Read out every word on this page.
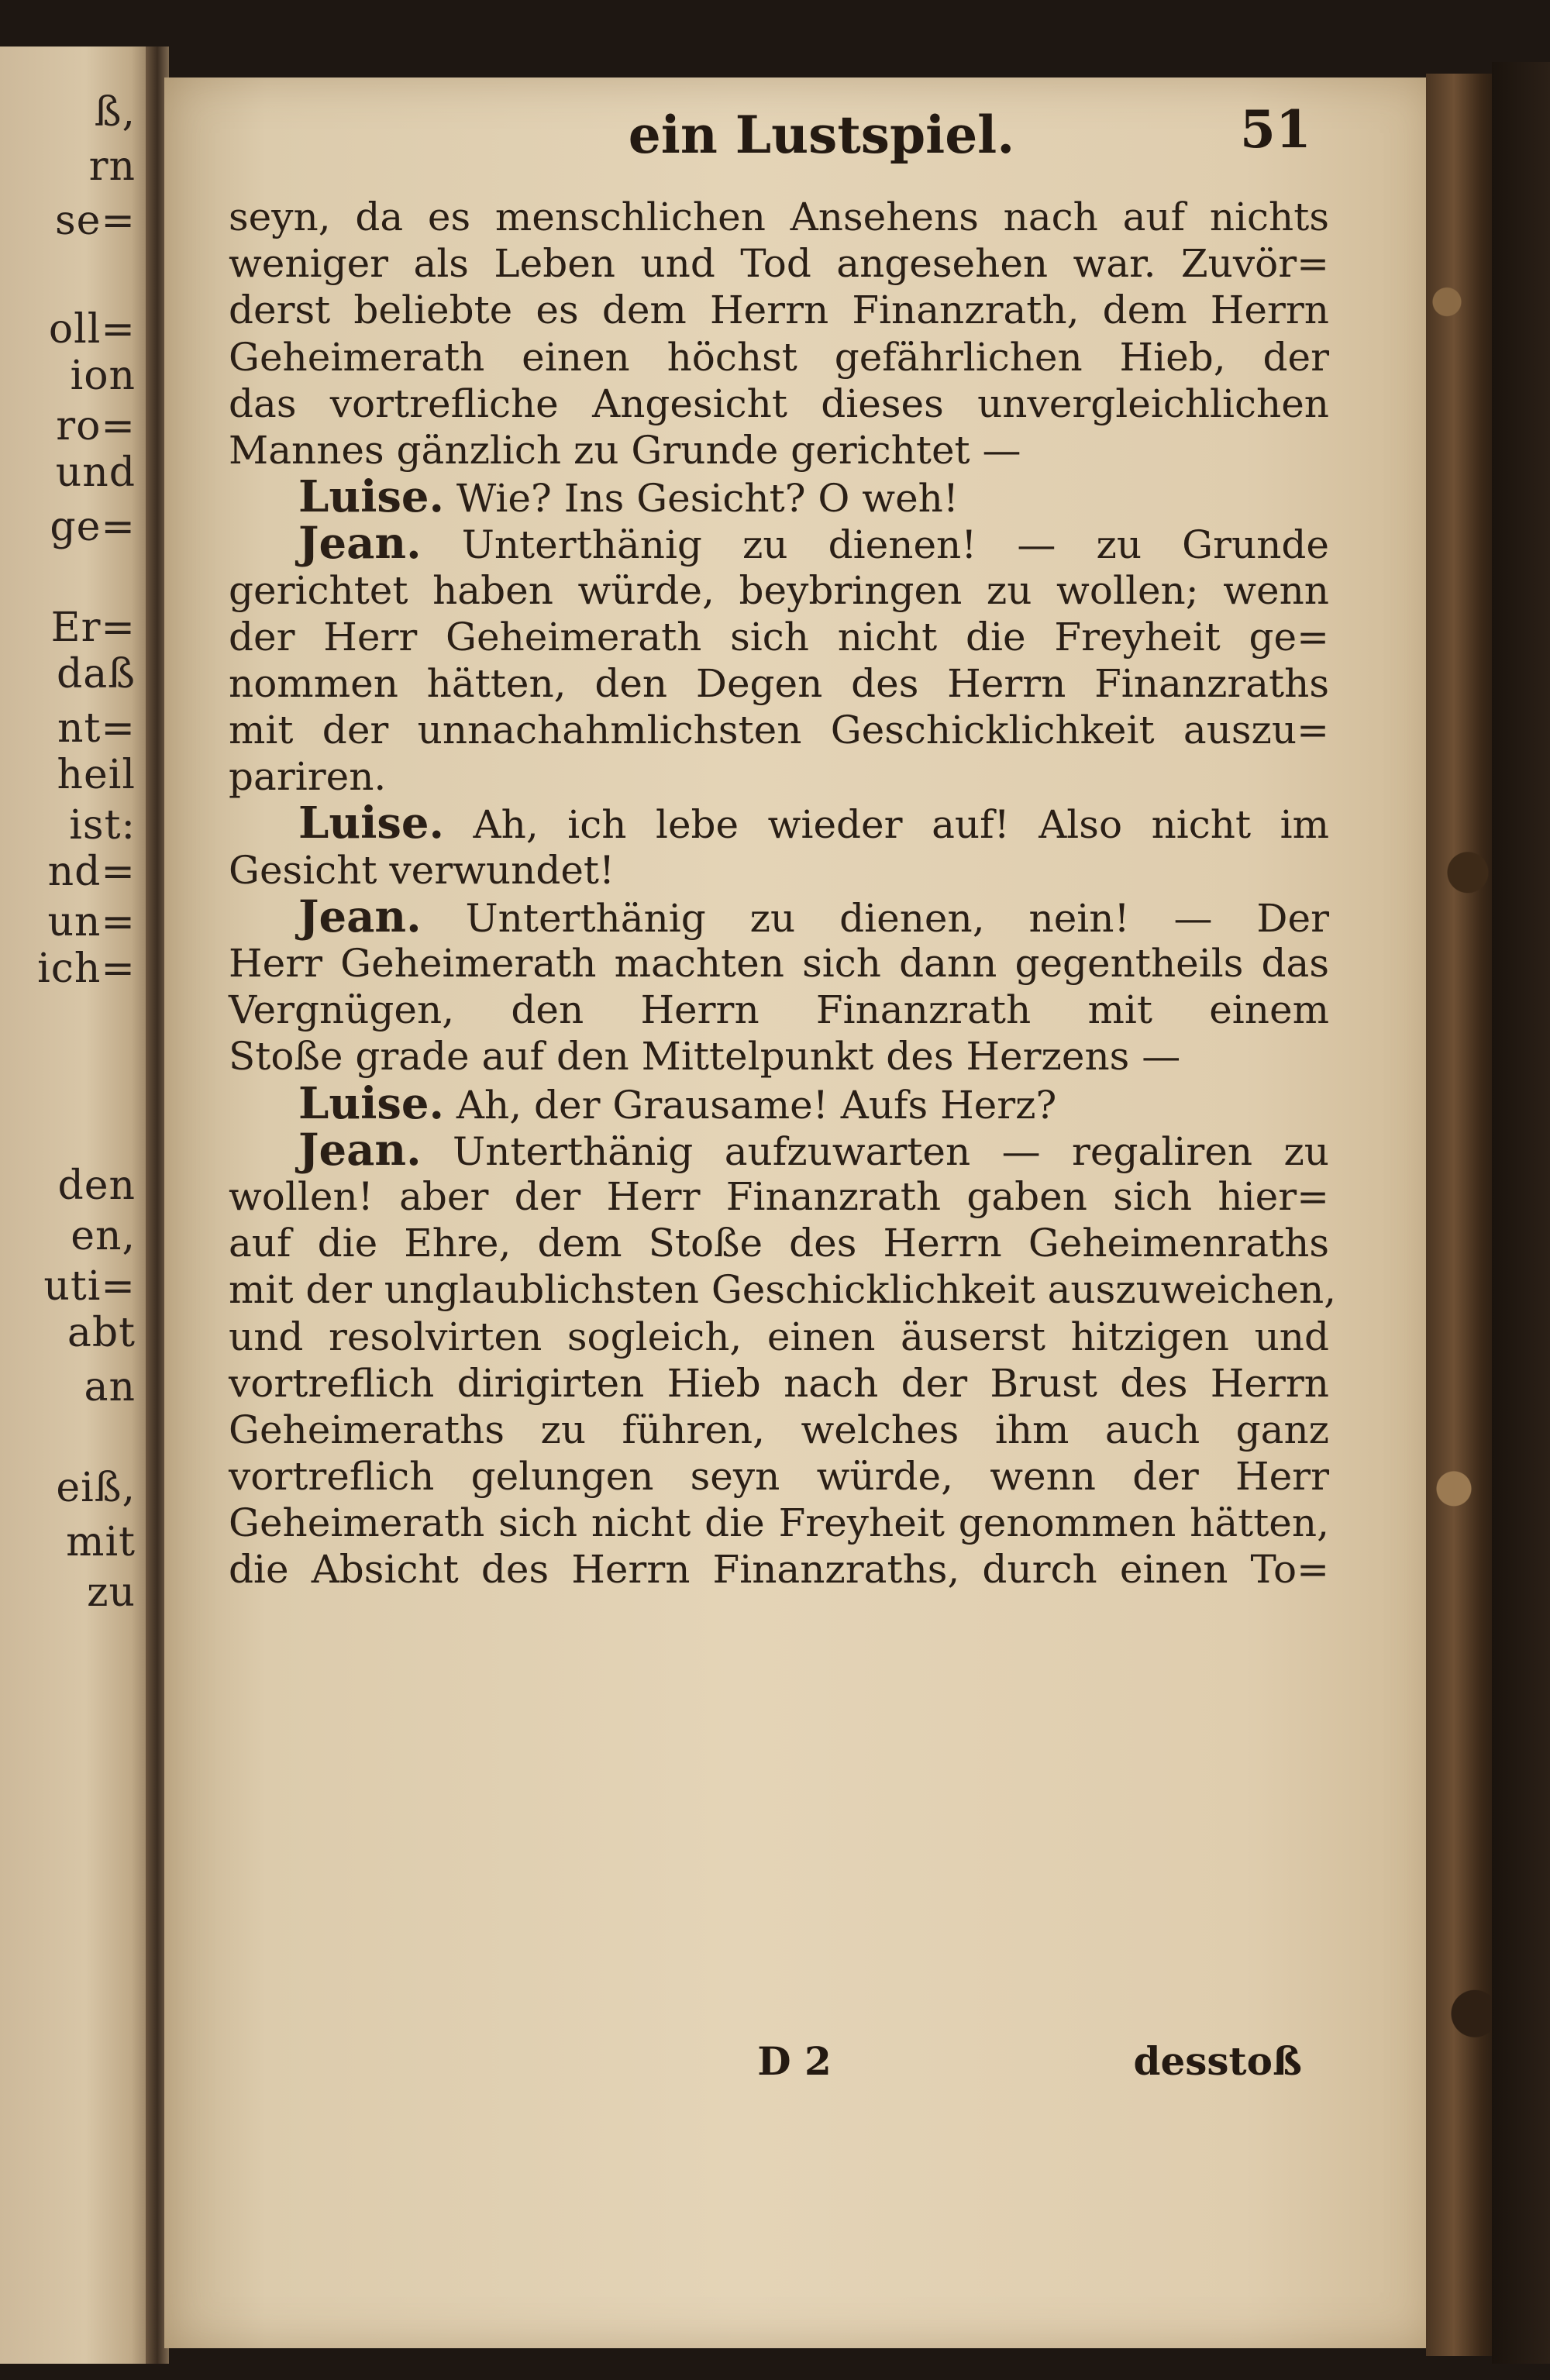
ß,
rn
se=
oll=
ion
ro=
und
ge=
Er=
daß
nt=
heil
ist:
nd=
un=
ich=
den
en,
uti=
abt
an
eiß,
mit
zu
ein Lustspiel.	51
seyn, da es menschlichen Ansehens nach auf nichts
weniger als Leben und Tod angesehen war. Zuvör=
derst beliebte es dem Herrn Finanzrath, dem Herrn
Geheimerath einen höchst gefährlichen Hieb, der
das vortrefliche Angesicht dieses unvergleichlichen
Mannes gänzlich zu Grunde gerichtet —
Luise. Wie? Ins Gesicht? O weh!
Jean. Unterthänig zu dienen! — zu Grunde
gerichtet haben würde, beybringen zu wollen; wenn
der Herr Geheimerath sich nicht die Freyheit ge=
nommen hätten, den Degen des Herrn Finanzraths
mit der unnachahmlichsten Geschicklichkeit auszu=
pariren.
Luise. Ah, ich lebe wieder auf! Also nicht im
Gesicht verwundet!
Jean. Unterthänig zu dienen, nein! — Der
Herr Geheimerath machten sich dann gegentheils das
Vergnügen, den Herrn Finanzrath mit einem
Stoße grade auf den Mittelpunkt des Herzens —
Luise. Ah, der Grausame! Aufs Herz?
Jean. Unterthänig aufzuwarten — regaliren zu
wollen! aber der Herr Finanzrath gaben sich hier=
auf die Ehre, dem Stoße des Herrn Geheimenraths
mit der unglaublichsten Geschicklichkeit auszuweichen,
und resolvirten sogleich, einen äuserst hitzigen und
vortreflich dirigirten Hieb nach der Brust des Herrn
Geheimeraths zu führen, welches ihm auch ganz
vortreflich gelungen seyn würde, wenn der Herr
Geheimerath sich nicht die Freyheit genommen hätten,
die Absicht des Herrn Finanzraths, durch einen To=
D 2	desstoß
